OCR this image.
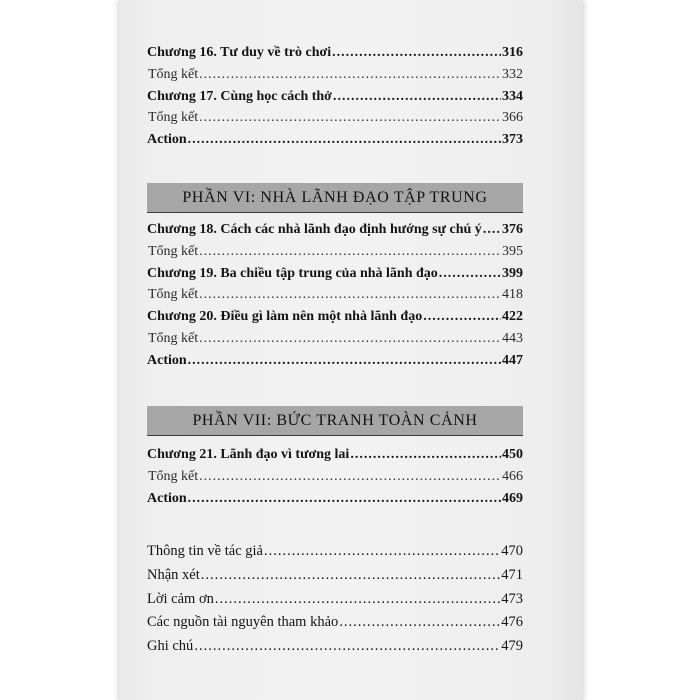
Chương 16. Tư duy về trò chơi .....	316
Tổng kết .....	332
Chương 17. Cùng học cách thở .....	334
Tổng kết .....	366
Action .....	373
PHẦN VI: NHÀ LÃNH ĐẠO TẬP TRUNG
Chương 18. Cách các nhà lãnh đạo định hướng sự chú ý ..... 376
Tổng kết .....	395
Chương 19. Ba chiều tập trung của nhà lãnh đạo .....	399
Tổng kết .....	418
Chương 20. Điều gì làm nên một nhà lãnh đạo .....	422
Tổng kết .....	443
Action .....	447
PHẦN VII: BỨC TRANH TOÀN CẢNH
Chương 21. Lãnh đạo vì tương lai .....	450
Tổng kết .....	466
Action .....	469
Thông tin về tác giả .....	470
Nhận xét .....	471
Lời cảm ơn .....	473
Các nguồn tài nguyên tham khảo .....	476
Ghi chú .....	479
